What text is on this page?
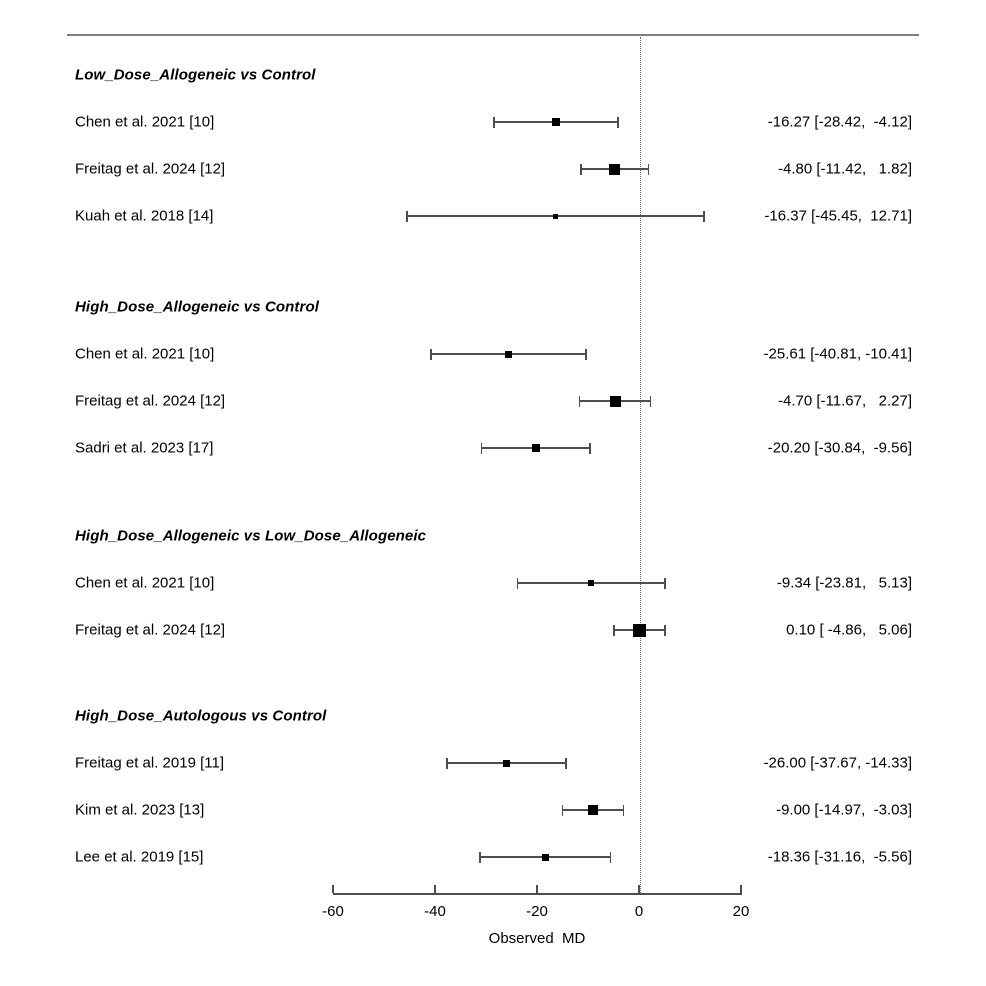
Low_Dose_Allogeneic vs Control
Chen et al. 2021 [10]	-16.27 [-28.42,  -4.12]
Freitag et al. 2024 [12]	-4.80 [-11.42,   1.82]
Kuah et al. 2018 [14]	-16.37 [-45.45,  12.71]
High_Dose_Allogeneic vs Control
Chen et al. 2021 [10]	-25.61 [-40.81, -10.41]
Freitag et al. 2024 [12]	-4.70 [-11.67,   2.27]
Sadri et al. 2023 [17]	-20.20 [-30.84,  -9.56]
High_Dose_Allogeneic vs Low_Dose_Allogeneic
Chen et al. 2021 [10]	-9.34 [-23.81,   5.13]
Freitag et al. 2024 [12]	0.10 [ -4.86,   5.06]
High_Dose_Autologous vs Control
Freitag et al. 2019 [11]	-26.00 [-37.67, -14.33]
Kim et al. 2023 [13]	-9.00 [-14.97,  -3.03]
Lee et al. 2019 [15]	-18.36 [-31.16,  -5.56]
-60	-40	-20	0	20
Observed  MD
